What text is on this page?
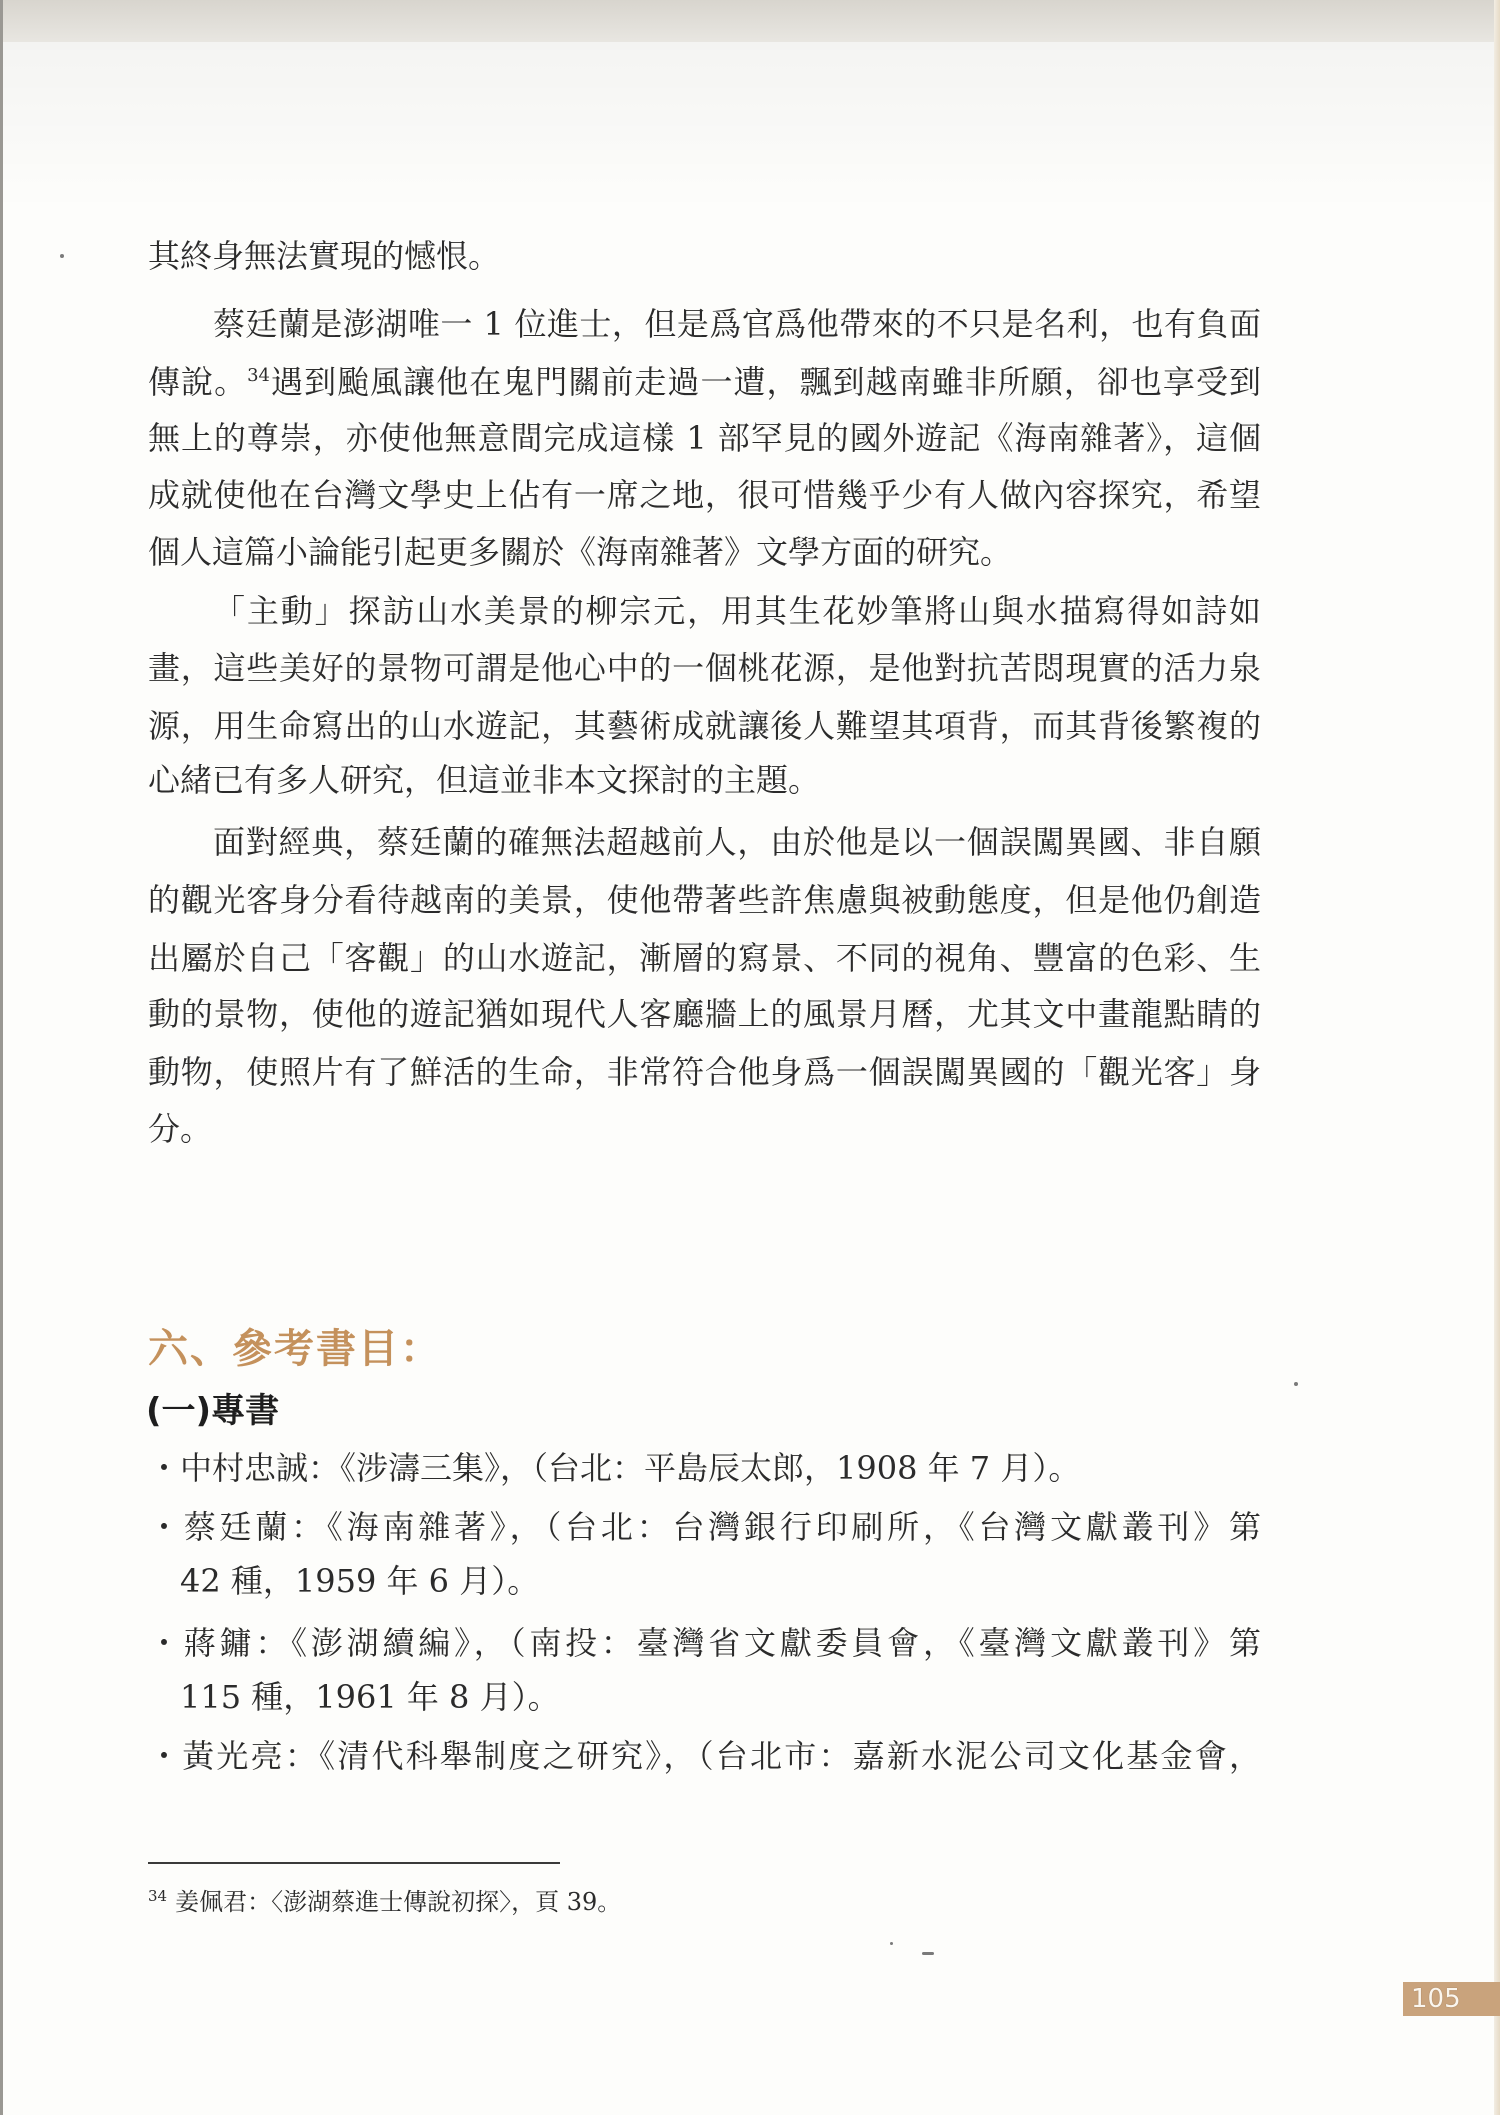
其終身無法實現的憾恨。
蔡廷蘭是澎湖唯一 1 位進士，但是爲官爲他帶來的不只是名利，也有負面
傳說。$^{34}$遇到颱風讓他在鬼門關前走過一遭，飄到越南雖非所願，卻也享受到
無上的尊崇，亦使他無意間完成這樣 1 部罕見的國外遊記《海南雜著》，這個
成就使他在台灣文學史上佔有一席之地，很可惜幾乎少有人做內容探究，希望
個人這篇小論能引起更多關於《海南雜著》文學方面的研究。
「主動」探訪山水美景的柳宗元，用其生花妙筆將山與水描寫得如詩如
畫，這些美好的景物可謂是他心中的一個桃花源，是他對抗苦悶現實的活力泉
源，用生命寫出的山水遊記，其藝術成就讓後人難望其項背，而其背後繁複的
心緒已有多人研究，但這並非本文探討的主題。
面對經典，蔡廷蘭的確無法超越前人，由於他是以一個誤闖異國、非自願
的觀光客身分看待越南的美景，使他帶著些許焦慮與被動態度，但是他仍創造
出屬於自己「客觀」的山水遊記，漸層的寫景、不同的視角、豐富的色彩、生
動的景物，使他的遊記猶如現代人客廳牆上的風景月曆，尤其文中畫龍點睛的
動物，使照片有了鮮活的生命，非常符合他身爲一個誤闖異國的「觀光客」身
分。
六、參考書目：
(一)專書
・中村忠誠：《涉濤三集》，（台北：平島辰太郎，1908 年 7 月）。
・蔡廷蘭：《海南雜著》，（台北：台灣銀行印刷所，《台灣文獻叢刊》第
42 種，1959 年 6 月）。
・蔣鏞：《澎湖續編》，（南投：臺灣省文獻委員會，《臺灣文獻叢刊》第
115 種，1961 年 8 月）。
・黃光亮：《清代科舉制度之研究》，（台北市：嘉新水泥公司文化基金會，
$^{34}$ 姜佩君：〈澎湖蔡進士傳說初探〉，頁 39。
105
